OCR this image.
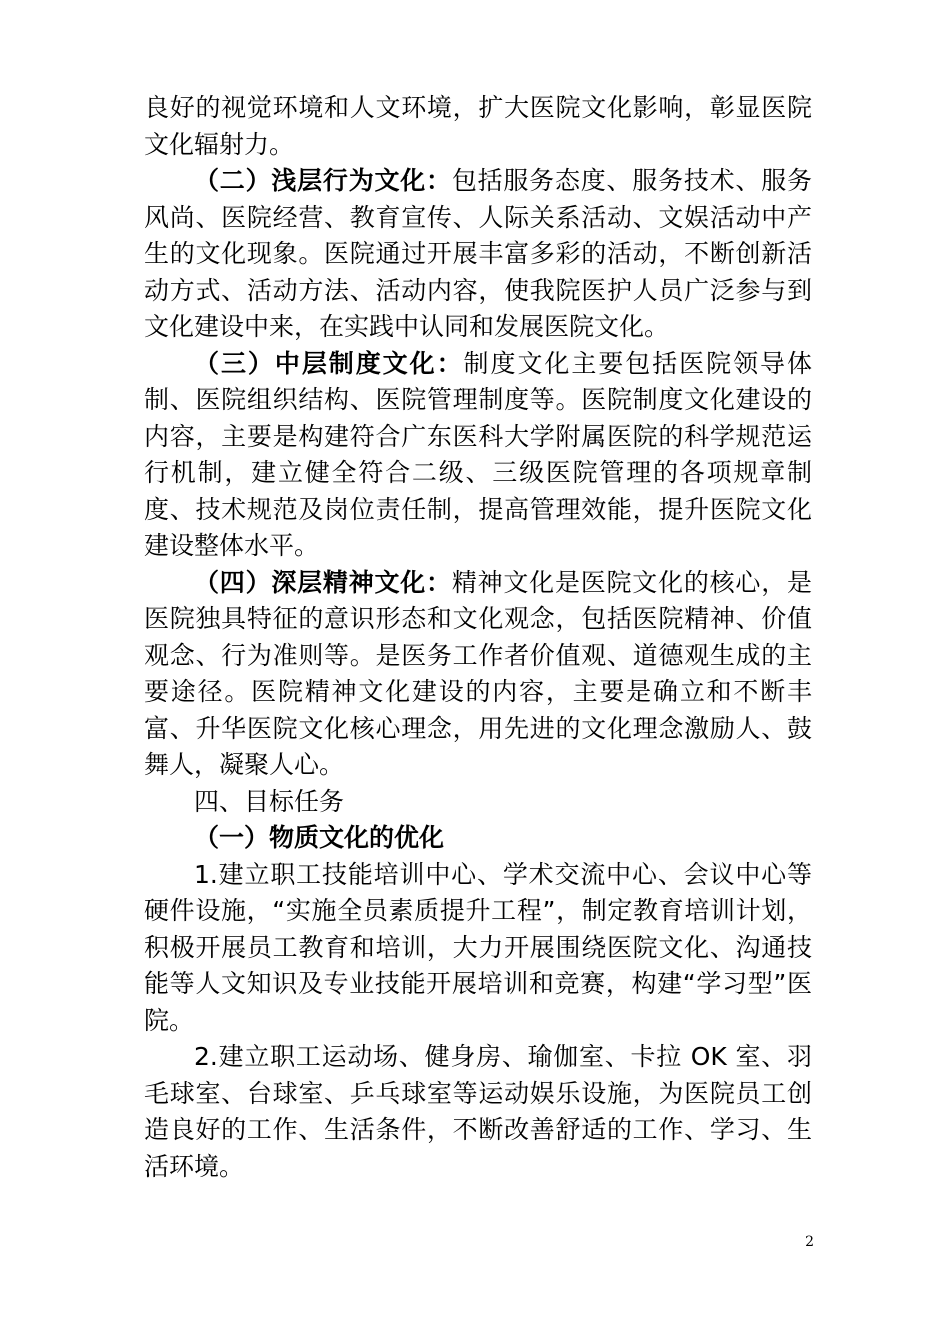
良好的视觉环境和人文环境，扩大医院文化影响，彰显医院文化辐射力。

（二）浅层行为文化：包括服务态度、服务技术、服务风尚、医院经营、教育宣传、人际关系活动、文娱活动中产生的文化现象。医院通过开展丰富多彩的活动，不断创新活动方式、活动方法、活动内容，使我院医护人员广泛参与到文化建设中来，在实践中认同和发展医院文化。

（三）中层制度文化：制度文化主要包括医院领导体制、医院组织结构、医院管理制度等。医院制度文化建设的内容，主要是构建符合广东医科大学附属医院的科学规范运行机制，建立健全符合二级、三级医院管理的各项规章制度、技术规范及岗位责任制，提高管理效能，提升医院文化建设整体水平。

（四）深层精神文化：精神文化是医院文化的核心，是医院独具特征的意识形态和文化观念，包括医院精神、价值观念、行为准则等。是医务工作者价值观、道德观生成的主要途径。医院精神文化建设的内容，主要是确立和不断丰富、升华医院文化核心理念，用先进的文化理念激励人、鼓舞人，凝聚人心。

四、目标任务

（一）物质文化的优化

1.建立职工技能培训中心、学术交流中心、会议中心等硬件设施，“实施全员素质提升工程”，制定教育培训计划，积极开展员工教育和培训，大力开展围绕医院文化、沟通技能等人文知识及专业技能开展培训和竞赛，构建“学习型”医院。

2.建立职工运动场、健身房、瑜伽室、卡拉 OK 室、羽毛球室、台球室、乒乓球室等运动娱乐设施，为医院员工创造良好的工作、生活条件，不断改善舒适的工作、学习、生活环境。

2
